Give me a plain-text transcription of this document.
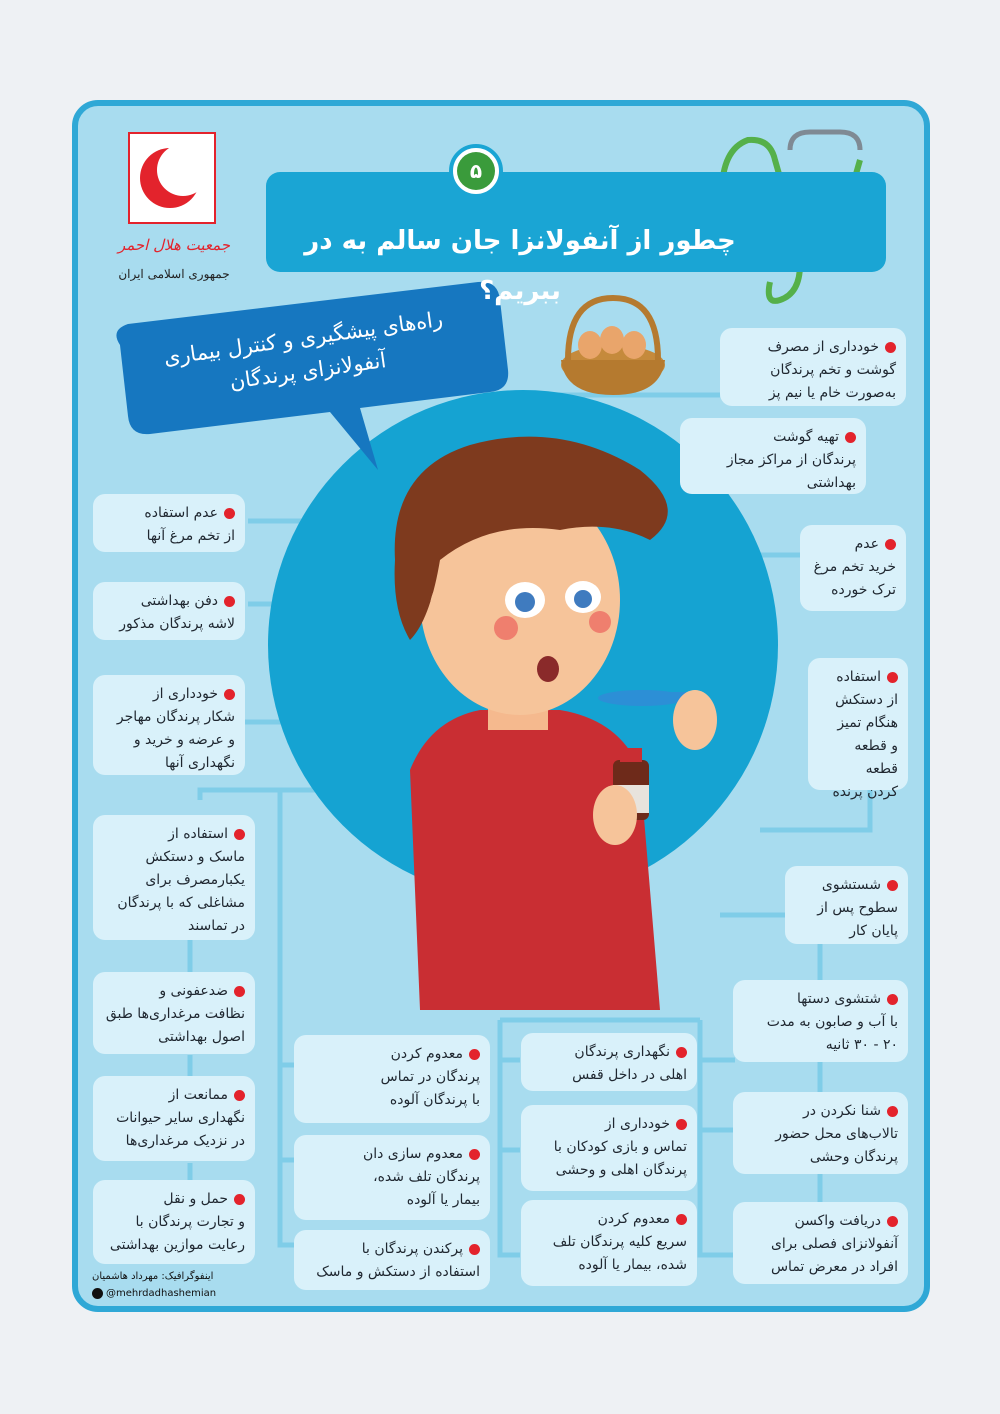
جمعیت هلال احمر
جمهوری اسلامی ایران
چطور از آنفولانزا جان سالم به در ببریم؟
۵
راه‌های پیشگیری و کنترل بیماری
آنفولانزای پرندگان
عدم استفاده
از تخم مرغ آنها
دفن بهداشتی
لاشه پرندگان مذکور
خودداری از
شکار پرندگان مهاجر
و عرضه و خرید و
نگهداری آنها
استفاده از
ماسک و دستکش
یکبارمصرف برای
مشاغلی که با پرندگان
در تماسند
ضدعفونی و
نظافت مرغداری‌ها طبق
اصول بهداشتی
ممانعت از
نگهداری سایر حیوانات
در نزدیک مرغداری‌ها
حمل و نقل
و تجارت پرندگان با
رعایت موازین بهداشتی
معدوم کردن
پرندگان در تماس
با پرندگان آلوده
معدوم سازی دان
پرندگان تلف شده،
بیمار یا آلوده
پرکندن پرندگان با
استفاده از دستکش و ماسک
نگهداری پرندگان
اهلی در داخل قفس
خودداری از
تماس و بازی کودکان با
پرندگان اهلی و وحشی
معدوم کردن
سریع کلیه پرندگان تلف
شده، بیمار یا آلوده
خودداری از مصرف
گوشت و تخم پرندگان
به‌صورت خام یا نیم پز
تهیه گوشت
پرندگان از مراکز مجاز
بهداشتی
عدم
خرید تخم مرغ
ترک خورده
استفاده
از دستکش
هنگام تمیز
و قطعه قطعه
کردن پرنده
شستشوی
سطوح پس از
پایان کار
شتشوی دستها
با آب و صابون به مدت
۲۰ - ۳۰ ثانیه
شنا نکردن در
تالاب‌های محل حضور
پرندگان وحشی
دریافت واکسن
آنفولانزای فصلی برای
افراد در معرض تماس
اینفوگرافیک: مهرداد هاشمیان
@mehrdadhashemian
